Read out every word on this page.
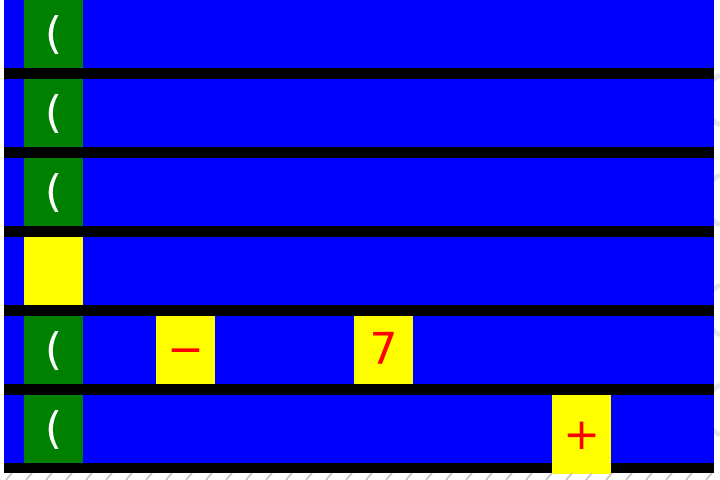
(
(
(
( −	7
(	+
